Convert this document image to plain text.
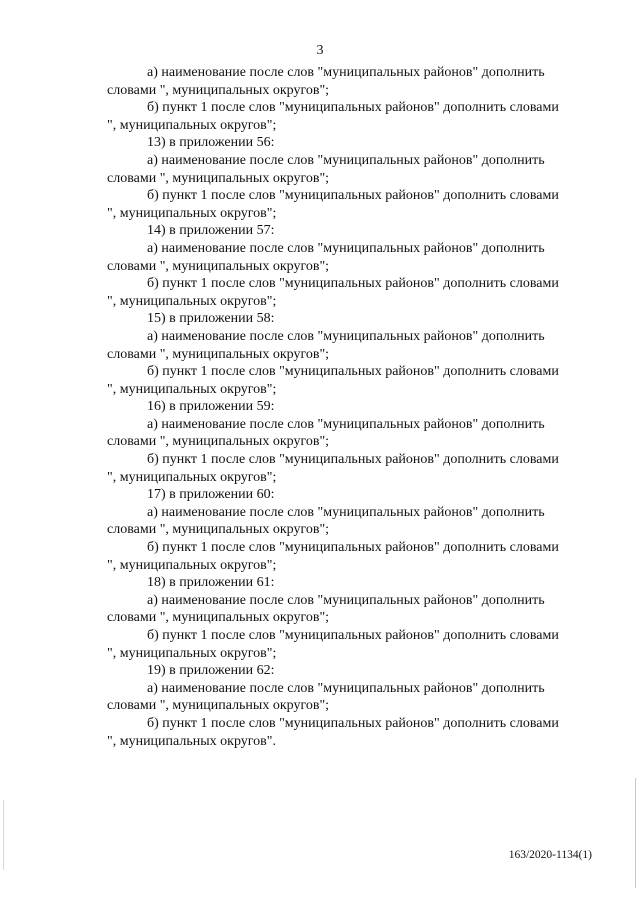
3

а) наименование после слов "муниципальных районов" дополнить

словами ", муниципальных округов";

б) пункт 1 после слов "муниципальных районов" дополнить словами

", муниципальных округов";

13) в приложении 56:

а) наименование после слов "муниципальных районов" дополнить

словами ", муниципальных округов";

б) пункт 1 после слов "муниципальных районов" дополнить словами

", муниципальных округов";

14) в приложении 57:

а) наименование после слов "муниципальных районов" дополнить

словами ", муниципальных округов";

б) пункт 1 после слов "муниципальных районов" дополнить словами

", муниципальных округов";

15) в приложении 58:

а) наименование после слов "муниципальных районов" дополнить

словами ", муниципальных округов";

б) пункт 1 после слов "муниципальных районов" дополнить словами

", муниципальных округов";

16) в приложении 59:

а) наименование после слов "муниципальных районов" дополнить

словами ", муниципальных округов";

б) пункт 1 после слов "муниципальных районов" дополнить словами

", муниципальных округов";

17) в приложении 60:

а) наименование после слов "муниципальных районов" дополнить

словами ", муниципальных округов";

б) пункт 1 после слов "муниципальных районов" дополнить словами

", муниципальных округов";

18) в приложении 61:

а) наименование после слов "муниципальных районов" дополнить

словами ", муниципальных округов";

б) пункт 1 после слов "муниципальных районов" дополнить словами

", муниципальных округов";

19) в приложении 62:

а) наименование после слов "муниципальных районов" дополнить

словами ", муниципальных округов";

б) пункт 1 после слов "муниципальных районов" дополнить словами

", муниципальных округов".

163/2020-1134(1)
